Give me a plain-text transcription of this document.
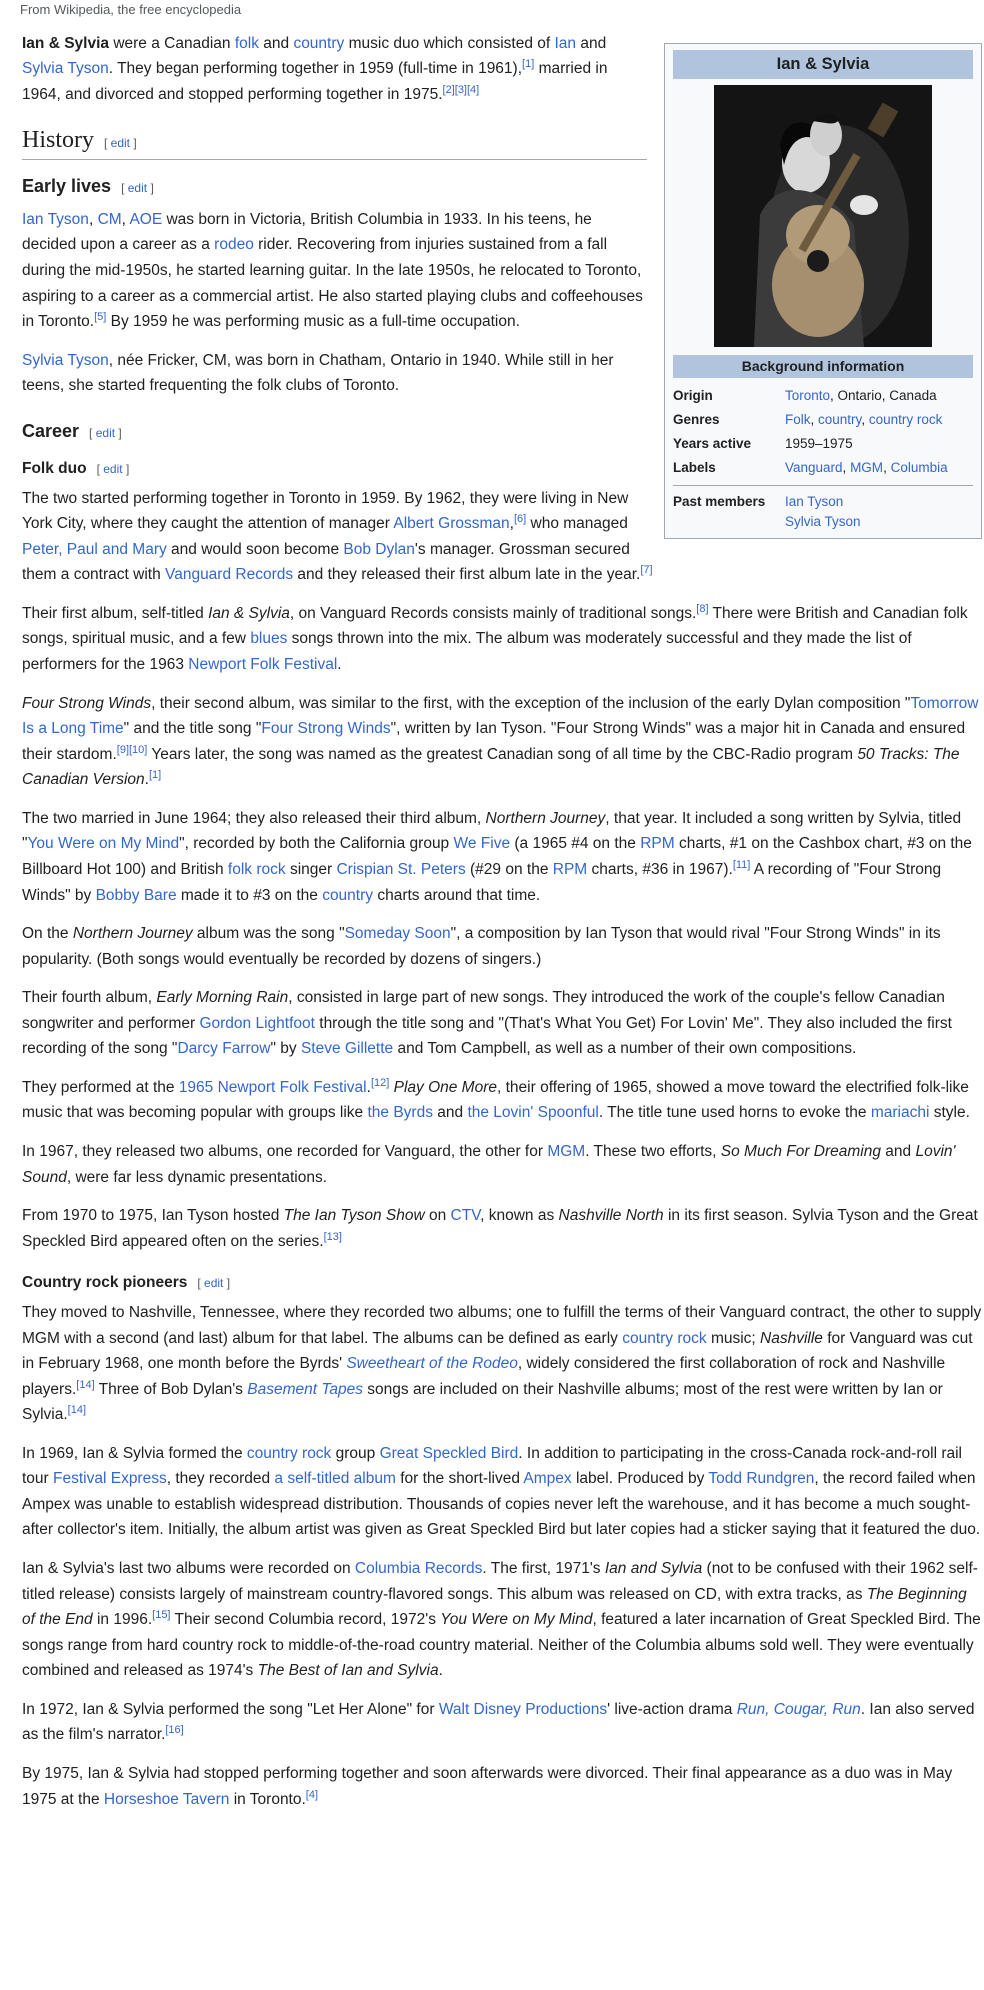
From Wikipedia, the free encyclopedia
Ian & Sylvia
Background information
Origin	Toronto, Ontario, Canada
Genres	Folk, country, country rock
Years active	1959–1975
Labels	Vanguard, MGM, Columbia
Past members	Ian Tyson
Sylvia Tyson

Ian & Sylvia were a Canadian folk and country music duo which consisted of Ian and Sylvia Tyson. They began performing together in 1959 (full-time in 1961),[1] married in 1964, and divorced and stopped performing together in 1975.[2][3][4]

History [ edit ]
Early lives [ edit ]

Ian Tyson, CM, AOE was born in Victoria, British Columbia in 1933. In his teens, he decided upon a career as a rodeo rider. Recovering from injuries sustained from a fall during the mid-1950s, he started learning guitar. In the late 1950s, he relocated to Toronto, aspiring to a career as a commercial artist. He also started playing clubs and coffeehouses in Toronto.[5] By 1959 he was performing music as a full-time occupation.

Sylvia Tyson, née Fricker, CM, was born in Chatham, Ontario in 1940. While still in her teens, she started frequenting the folk clubs of Toronto.

Career [ edit ]
Folk duo [ edit ]

The two started performing together in Toronto in 1959. By 1962, they were living in New York City, where they caught the attention of manager Albert Grossman,[6] who managed Peter, Paul and Mary and would soon become Bob Dylan's manager. Grossman secured them a contract with Vanguard Records and they released their first album late in the year.[7]

Their first album, self-titled Ian & Sylvia, on Vanguard Records consists mainly of traditional songs.[8] There were British and Canadian folk songs, spiritual music, and a few blues songs thrown into the mix. The album was moderately successful and they made the list of performers for the 1963 Newport Folk Festival.

Four Strong Winds, their second album, was similar to the first, with the exception of the inclusion of the early Dylan composition "Tomorrow Is a Long Time" and the title song "Four Strong Winds", written by Ian Tyson. "Four Strong Winds" was a major hit in Canada and ensured their stardom.[9][10] Years later, the song was named as the greatest Canadian song of all time by the CBC-Radio program 50 Tracks: The Canadian Version.[1]

The two married in June 1964; they also released their third album, Northern Journey, that year. It included a song written by Sylvia, titled "You Were on My Mind", recorded by both the California group We Five (a 1965 #4 on the RPM charts, #1 on the Cashbox chart, #3 on the Billboard Hot 100) and British folk rock singer Crispian St. Peters (#29 on the RPM charts, #36 in 1967).[11] A recording of "Four Strong Winds" by Bobby Bare made it to #3 on the country charts around that time.

On the Northern Journey album was the song "Someday Soon", a composition by Ian Tyson that would rival "Four Strong Winds" in its popularity. (Both songs would eventually be recorded by dozens of singers.)

Their fourth album, Early Morning Rain, consisted in large part of new songs. They introduced the work of the couple's fellow Canadian songwriter and performer Gordon Lightfoot through the title song and "(That's What You Get) For Lovin' Me". They also included the first recording of the song "Darcy Farrow" by Steve Gillette and Tom Campbell, as well as a number of their own compositions.

They performed at the 1965 Newport Folk Festival.[12] Play One More, their offering of 1965, showed a move toward the electrified folk-like music that was becoming popular with groups like the Byrds and the Lovin' Spoonful. The title tune used horns to evoke the mariachi style.

In 1967, they released two albums, one recorded for Vanguard, the other for MGM. These two efforts, So Much For Dreaming and Lovin' Sound, were far less dynamic presentations.

From 1970 to 1975, Ian Tyson hosted The Ian Tyson Show on CTV, known as Nashville North in its first season. Sylvia Tyson and the Great Speckled Bird appeared often on the series.[13]

Country rock pioneers [ edit ]

They moved to Nashville, Tennessee, where they recorded two albums; one to fulfill the terms of their Vanguard contract, the other to supply MGM with a second (and last) album for that label. The albums can be defined as early country rock music; Nashville for Vanguard was cut in February 1968, one month before the Byrds' Sweetheart of the Rodeo, widely considered the first collaboration of rock and Nashville players.[14] Three of Bob Dylan's Basement Tapes songs are included on their Nashville albums; most of the rest were written by Ian or Sylvia.[14]

In 1969, Ian & Sylvia formed the country rock group Great Speckled Bird. In addition to participating in the cross-Canada rock-and-roll rail tour Festival Express, they recorded a self-titled album for the short-lived Ampex label. Produced by Todd Rundgren, the record failed when Ampex was unable to establish widespread distribution. Thousands of copies never left the warehouse, and it has become a much sought-after collector's item. Initially, the album artist was given as Great Speckled Bird but later copies had a sticker saying that it featured the duo.

Ian & Sylvia's last two albums were recorded on Columbia Records. The first, 1971's Ian and Sylvia (not to be confused with their 1962 self-titled release) consists largely of mainstream country-flavored songs. This album was released on CD, with extra tracks, as The Beginning of the End in 1996.[15] Their second Columbia record, 1972's You Were on My Mind, featured a later incarnation of Great Speckled Bird. The songs range from hard country rock to middle-of-the-road country material. Neither of the Columbia albums sold well. They were eventually combined and released as 1974's The Best of Ian and Sylvia.

In 1972, Ian & Sylvia performed the song "Let Her Alone" for Walt Disney Productions' live-action drama Run, Cougar, Run. Ian also served as the film's narrator.[16]

By 1975, Ian & Sylvia had stopped performing together and soon afterwards were divorced. Their final appearance as a duo was in May 1975 at the Horseshoe Tavern in Toronto.[4]
